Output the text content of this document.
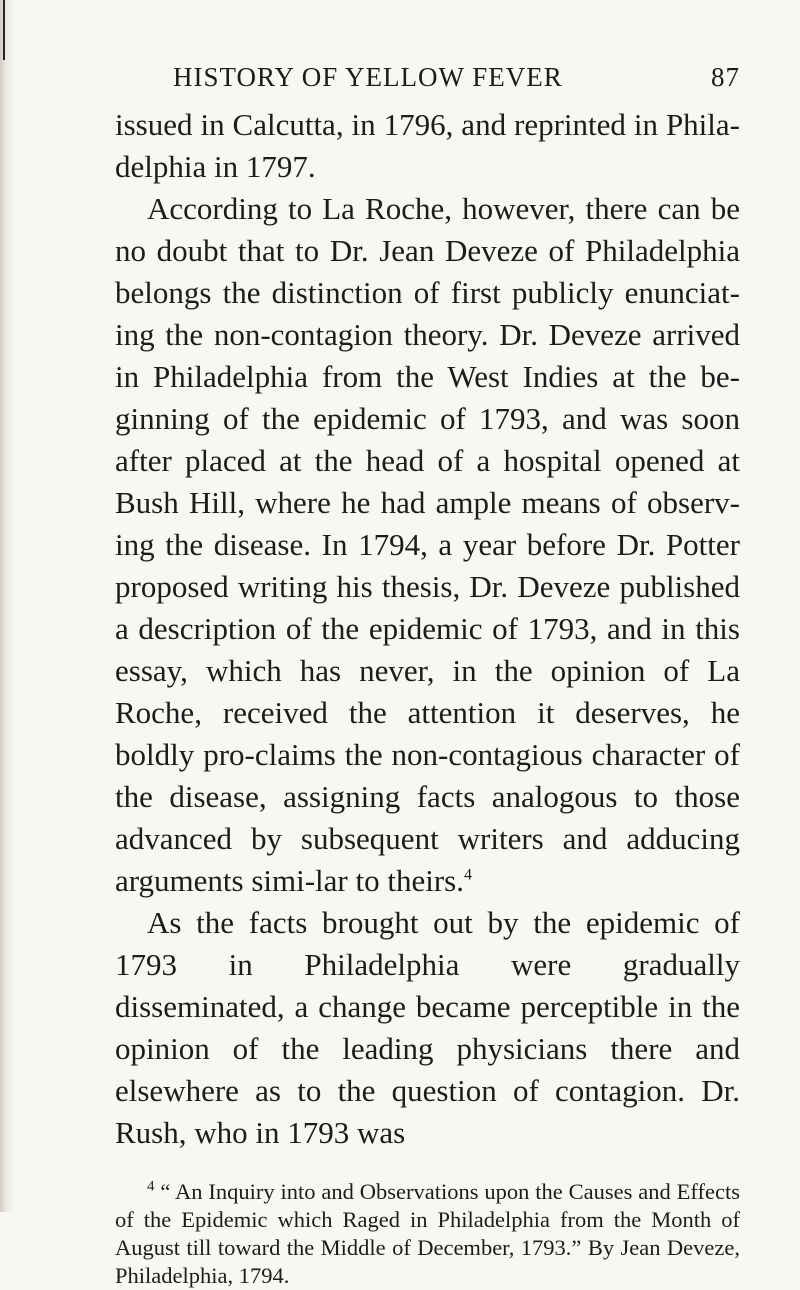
HISTORY OF YELLOW FEVER	87

issued in Calcutta, in 1796, and reprinted in Phila-delphia in 1797.

According to La Roche, however, there can be no doubt that to Dr. Jean Deveze of Philadelphia belongs the distinction of first publicly enunciat-ing the non-contagion theory. Dr. Deveze arrived in Philadelphia from the West Indies at the be-ginning of the epidemic of 1793, and was soon after placed at the head of a hospital opened at Bush Hill, where he had ample means of observ-ing the disease. In 1794, a year before Dr. Potter proposed writing his thesis, Dr. Deveze published a description of the epidemic of 1793, and in this essay, which has never, in the opinion of La Roche, received the attention it deserves, he boldly pro-claims the non-contagious character of the disease, assigning facts analogous to those advanced by subsequent writers and adducing arguments simi-lar to theirs.$^4$

As the facts brought out by the epidemic of 1793 in Philadelphia were gradually disseminated, a change became perceptible in the opinion of the leading physicians there and elsewhere as to the question of contagion. Dr. Rush, who in 1793 was

$^4$ “ An Inquiry into and Observations upon the Causes and Effects of the Epidemic which Raged in Philadelphia from the Month of August till toward the Middle of December, 1793.” By Jean Deveze, Philadelphia, 1794.
